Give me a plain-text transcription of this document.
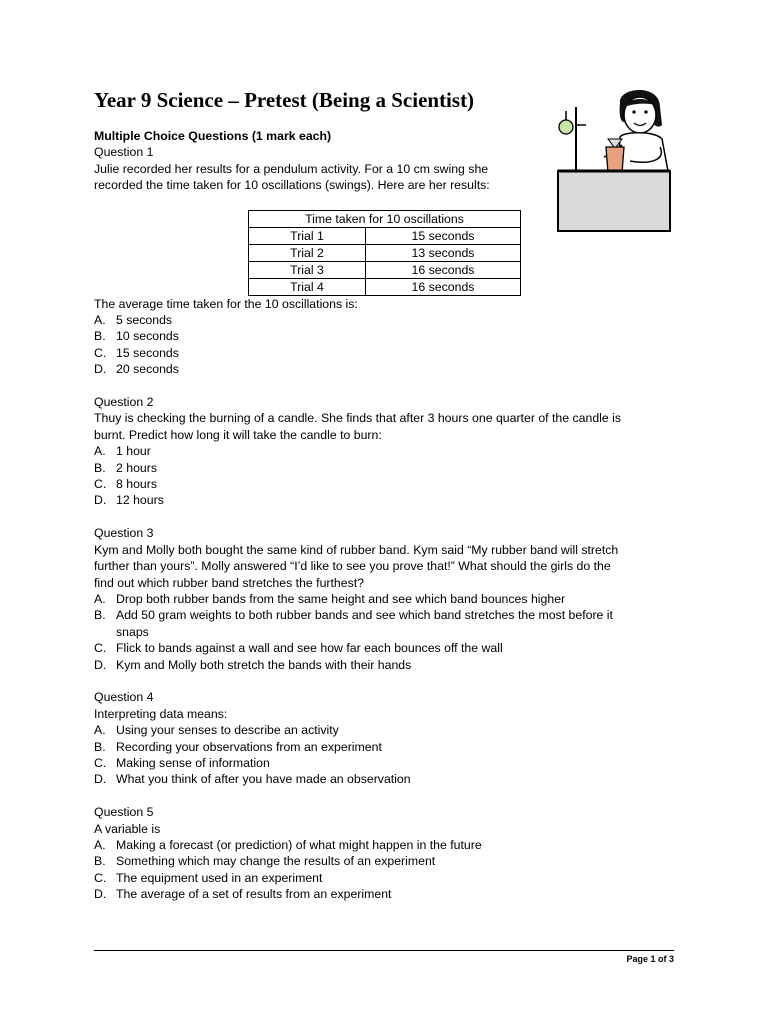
Year 9 Science – Pretest (Being a Scientist)

Multiple Choice Questions (1 mark each)

Question 1

Julie recorded her results for a pendulum activity. For a 10 cm swing she

recorded the time taken for 10 oscillations (swings). Here are her results:

Time taken for 10 oscillations	
Trial 1	15 seconds
Trial 2	13 seconds
Trial 3	16 seconds
Trial 4	16 seconds

The average time taken for the 10 oscillations is:

A. 5 seconds
B. 10 seconds
C. 15 seconds
D. 20 seconds

Question 2

Thuy is checking the burning of a candle. She finds that after 3 hours one quarter of the candle is

burnt. Predict how long it will take the candle to burn:

A. 1 hour
B. 2 hours
C. 8 hours
D. 12 hours

Question 3

Kym and Molly both bought the same kind of rubber band. Kym said “My rubber band will stretch

further than yours”. Molly answered “I’d like to see you prove that!” What should the girls do the

find out which rubber band stretches the furthest?

A. Drop both rubber bands from the same height and see which band bounces higher
B. Add 50 gram weights to both rubber bands and see which band stretches the most before it snaps
C. Flick to bands against a wall and see how far each bounces off the wall
D. Kym and Molly both stretch the bands with their hands

Question 4

Interpreting data means:

A. Using your senses to describe an activity
B. Recording your observations from an experiment
C. Making sense of information
D. What you think of after you have made an observation

Question 5

A variable is

A. Making a forecast (or prediction) of what might happen in the future
B. Something which may change the results of an experiment
C. The equipment used in an experiment
D. The average of a set of results from an experiment
Page 1 of 3
